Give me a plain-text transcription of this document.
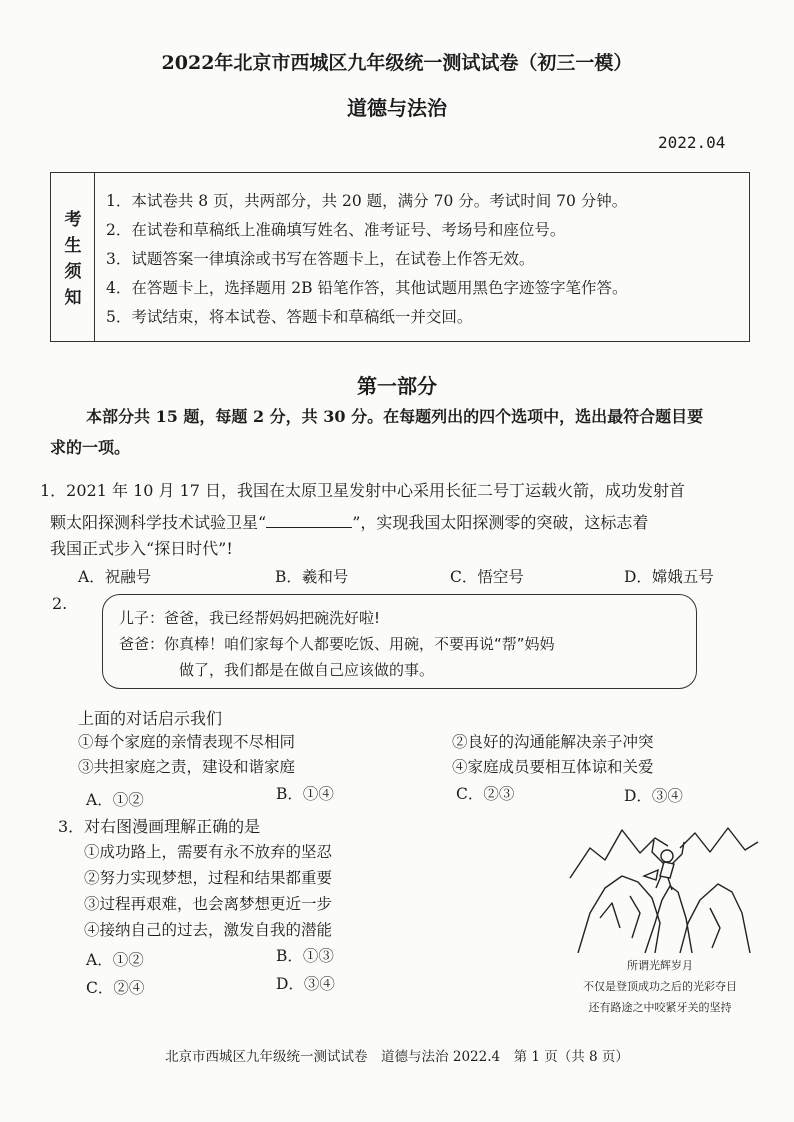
2022年北京市西城区九年级统一测试试卷（初三一模）
道德与法治
2022.04
考
生
须
知
1．本试卷共 8 页，共两部分，共 20 题，满分 70 分。考试时间 70 分钟。
2．在试卷和草稿纸上准确填写姓名、准考证号、考场号和座位号。
3．试题答案一律填涂或书写在答题卡上，在试卷上作答无效。
4．在答题卡上，选择题用 2B 铅笔作答，其他试题用黑色字迹签字笔作答。
5．考试结束，将本试卷、答题卡和草稿纸一并交回。
第一部分
本部分共 15 题，每题 2 分，共 30 分。在每题列出的四个选项中，选出最符合题目要
求的一项。
1．2021 年 10 月 17 日，我国在太原卫星发射中心采用长征二号丁运载火箭，成功发射首
颗太阳探测科学技术试验卫星“	”，实现我国太阳探测零的突破，这标志着
我国正式步入“探日时代”!
A．祝融号	B．羲和号	C．悟空号	D．嫦娥五号
2.
儿子：爸爸，我已经帮妈妈把碗洗好啦!
爸爸：你真棒！咱们家每个人都要吃饭、用碗，不要再说“帮”妈妈
做了，我们都是在做自己应该做的事。
上面的对话启示我们
①每个家庭的亲情表现不尽相同	②良好的沟通能解决亲子冲突
③共担家庭之责，建设和谐家庭	④家庭成员要相互体谅和关爱
A．①②	B．①④	C．②③	D．③④
3．对右图漫画理解正确的是
①成功路上，需要有永不放弃的坚忍
②努力实现梦想，过程和结果都重要
③过程再艰难，也会离梦想更近一步
④接纳自己的过去，激发自我的潜能
A．①②	B．①③
C．②④	D．③④
所谓光辉岁月
不仅是登顶成功之后的光彩夺目
还有路途之中咬紧牙关的坚持
北京市西城区九年级统一测试试卷　道德与法治 2022.4　第 1 页（共 8 页）
